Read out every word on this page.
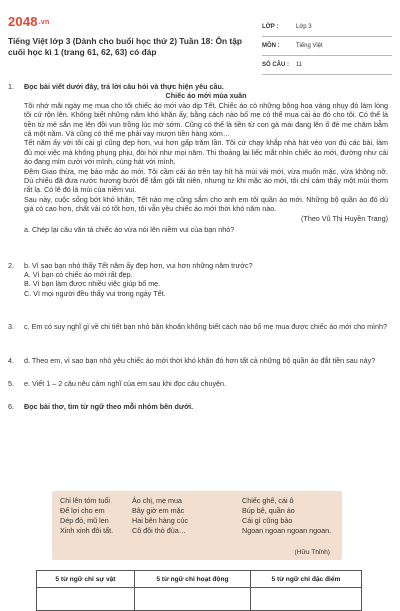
2048.vn
Tiếng Việt lớp 3 (Dành cho buổi học thứ 2) Tuần 18: Ôn tập cuối học kì 1 (trang 61, 62, 63) có đáp
LỚP :	Lớp 3
MÔN :	Tiếng Việt
SỐ CÂU :	11
1. Đọc bài viết dưới đây, trả lời câu hỏi và thực hiện yêu cầu.
Chiếc áo mới mùa xuân
Tôi nhớ mãi ngày mẹ mua cho tôi chiếc áo mới vào dịp Tết. Chiếc áo có những bông hoa vàng nhụy đỏ làm lòng tôi cứ rộn lên. Không biết những năm khó khăn ấy, bằng cách nào bố mẹ có thể mua cái áo đó cho tôi. Có thể là tiền từ mẻ sắn mẹ lên đồi vun trồng lúc mờ sớm. Cũng có thể là tiền từ con gà mái đang lên ổ đẻ mẹ chăm bẵm cả một năm. Và cũng có thể mẹ phải vay mượn tiền hàng xóm…
Tết năm ấy với tôi cái gì cũng đẹp hơn, vui hơn gấp trăm lần. Tôi cứ chạy khắp nhà hát véo von đủ các bài, làm đủ mọi việc mà không phụng phịu, đòi hỏi như mọi năm. Thi thoảng lại liếc mắt nhìn chiếc áo mới, đường như cái áo đang mỉm cười với mình, cùng hát với mình.
Đêm Giao thừa, mẹ bảo mặc áo mới. Tôi cầm cái áo trên tay hít hà mùi vải mới, vừa muốn mặc, vừa không nỡ. Dù chiếu đã đưa nước hương bưởi để tắm gội tất niên, nhưng tư khi mặc áo mới, tôi chỉ cảm thấy một mùi thơm rất lạ. Có lẽ đó là mùi của niềm vui.
Sau này, cuộc sống bớt khó khăn, Tết nào mẹ cũng sắm cho anh em tôi quần áo mới. Những bộ quần áo đó dù giá có cao hơn, chất vải có tốt hơn, tôi vẫn yêu chiếc áo mới thời khó năm nào.
(Theo Vũ Thị Huyền Trang)
a. Chép lại câu văn tả chiếc áo vừa nói lên niềm vui của bạn nhỏ?
2. b. Vì sao bạn nhỏ thấy Tết năm ấy đẹp hơn, vui hơn những năm trước?
A. Vì bạn có chiếc áo mới rất đẹp.
B. Vì bạn làm được nhiều việc giúp bố mẹ.
C. Vì mọi người đều thấy vui trong ngày Tết.
3. c. Em có suy nghĩ gì về chi tiết bạn nhỏ băn khoăn không biết cách nào bố mẹ mua được chiếc áo mới cho mình?
4. d. Theo em, vì sao bạn nhỏ yêu chiếc áo mới thời khó khăn đó hơn tất cả những bộ quần áo đắt tiền sau này?
5. e. Viết 1 – 2 câu nêu cảm nghĩ của em sau khi đọc câu chuyện.
6. Đọc bài thơ, tìm từ ngữ theo mỗi nhóm bên dưới.
Chỉ lên tóm tuổi
Để lợi cho em
Dép đỏ, mũ len
Xinh xinh đôi tất.
Áo chị, mẹ mua
Bây giờ em mặc
Hai bên hàng cúc
Cô đôi thỏ đùa…
Chiếc ghế, cái ô
Búp bê, quần áo
Cái gì cũng bảo
Ngoan ngoan ngoan ngoan.
(Hữu Thỉnh)
5 từ ngữ chỉ sự vật	5 từ ngữ chỉ hoạt động	5 từ ngữ chỉ đặc điểm
